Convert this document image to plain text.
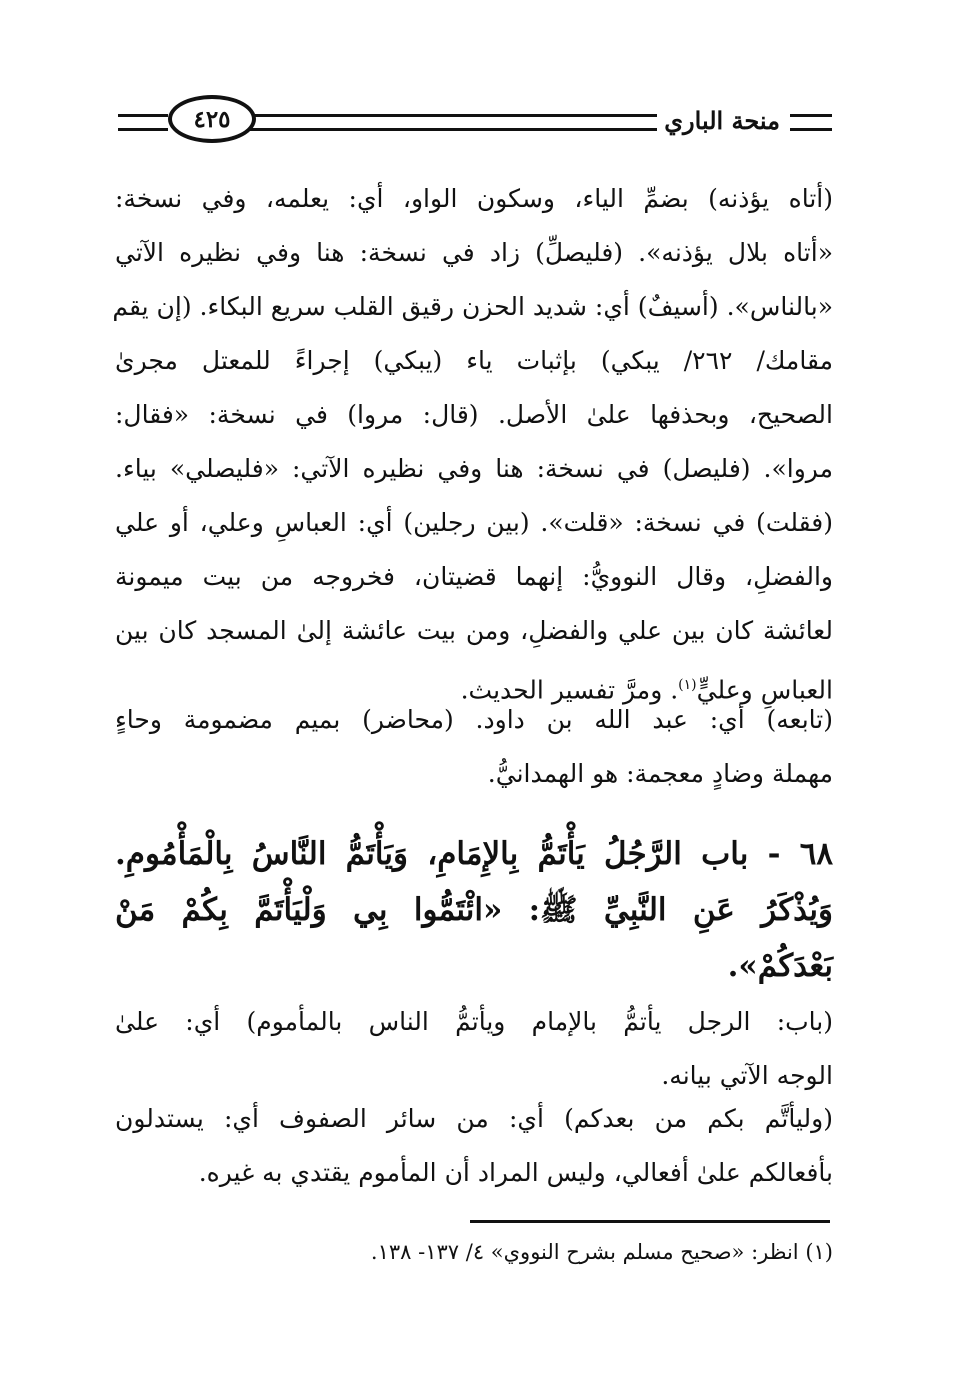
منحة الباري
٤٢٥
(أتاه يؤذنه) بضمِّ الياء، وسكون الواو، أي: يعلمه، وفي نسخة:
«أتاه بلال يؤذنه». (فليصلِّ) زاد في نسخة: هنا وفي نظيره الآتي
«بالناس». (أسيفٌ) أي: شديد الحزن رقيق القلب سريع البكاء. (إن يقم
مقامك/ ٢٦٢/ يبكي) بإثبات ياء (يبكي) إجراءً للمعتل مجرىٰ
الصحيح، وبحذفها علىٰ الأصل. (قال: مروا) في نسخة: «فقال:
مروا». (فليصل) في نسخة: هنا وفي نظيره الآتي: «فليصلي» بياء.
(فقلت) في نسخة: «قلت». (بين رجلين) أي: العباسِ وعلي، أو علي
والفضلِ، وقال النوويُّ: إنهما قضيتان، فخروجه من بيت ميمونة
لعائشة كان بين علي والفضلِ، ومن بيت عائشة إلىٰ المسجد كان بين
العباسِ وعليٍّ$^{(١)}$. ومرَّ تفسير الحديث.
(تابعه) أي: عبد الله بن داود. (محاضر) بميم مضمومة وحاءٍ
مهملة وضادٍ معجمة: هو الهمدانيُّ.
٦٨ - باب الرَّجُلُ يَأْتَمُّ بِالإِمَامِ، وَيَأْتَمُّ النَّاسُ بِالْمَأْمُومِ.
وَيُذْكَرُ عَنِ النَّبِيِّ ﷺ: «ائْتَمُّوا بِي وَلْيَأْتَمَّ بِكُمْ مَنْ
بَعْدَكُمْ».
(باب: الرجل يأتمُّ بالإمام ويأتمُّ الناس بالمأموم) أي: علىٰ
الوجه الآتي بيانه.
(وليأتَّم بكم من بعدكم) أي: من سائر الصفوف أي: يستدلون
بأفعالكم علىٰ أفعالي، وليس المراد أن المأموم يقتدي به غيره.
(١) انظر: «صحيح مسلم بشرح النووي» ٤/ ١٣٧- ١٣٨.
